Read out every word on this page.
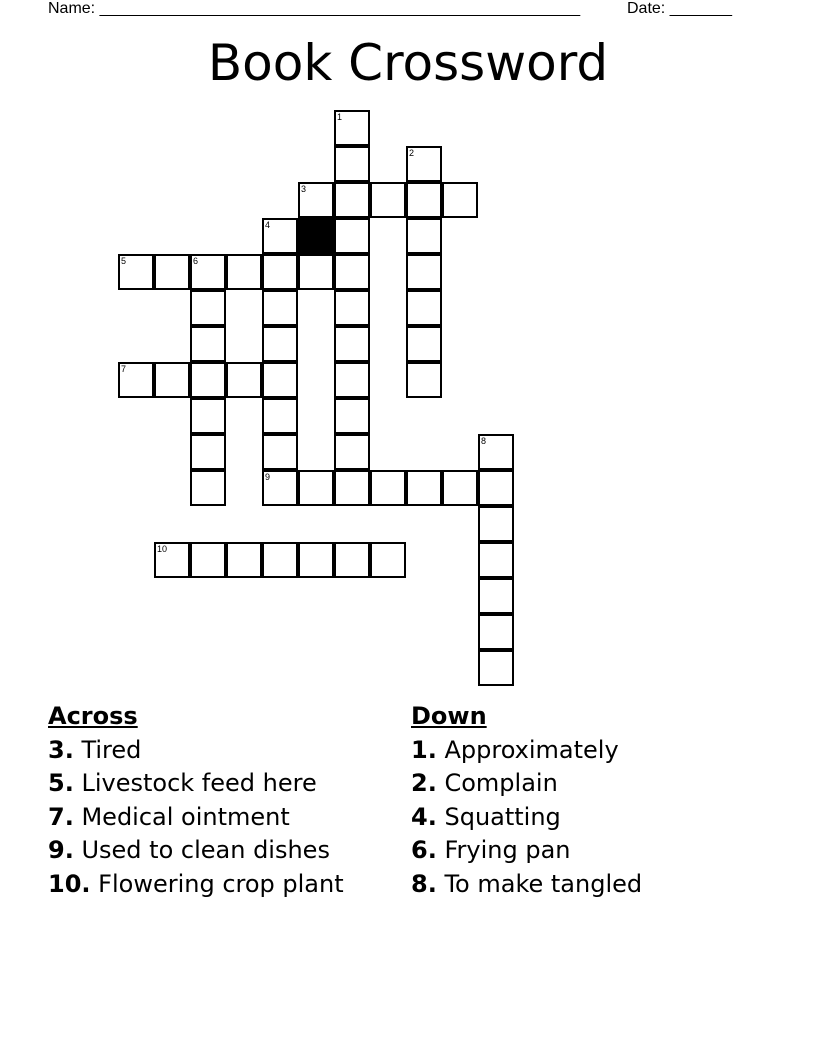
Name: ______________________________________________________	Date: _______
Book Crossword
1
2
3
4
5	6
7
8
9
10
Across
3. Tired
5. Livestock feed here
7. Medical ointment
9. Used to clean dishes
10. Flowering crop plant
Down
1. Approximately
2. Complain
4. Squatting
6. Frying pan
8. To make tangled
